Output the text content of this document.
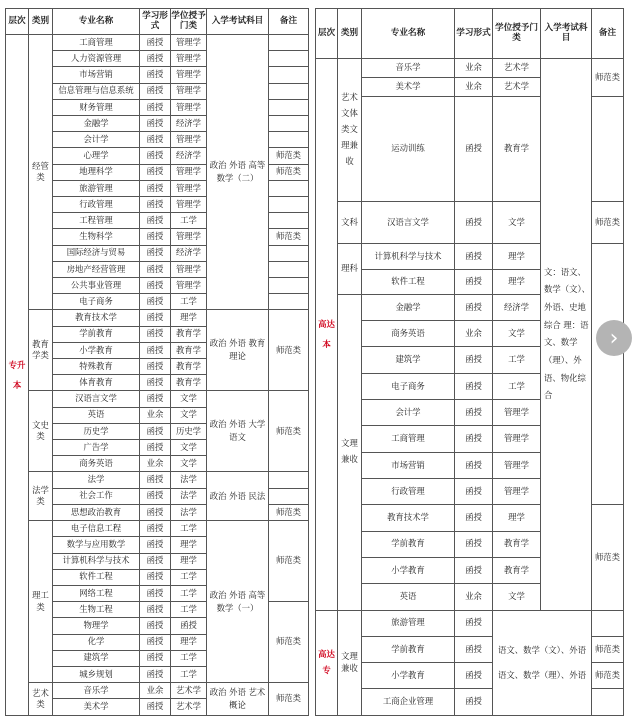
层次	类别	专业名称	学习形式	学位授予门类	入学考试科目	备注
专升本	经管类	工商管理	函授	管理学	政治 外语 高等数学（二）	
		人力资源管理	函授	管理学		
		市场营销	函授	管理学		
		信息管理与信息系统	函授	管理学		
		财务管理	函授	管理学		
		金融学	函授	经济学		
		会计学	函授	管理学		
		心理学	函授	经济学		师范类
		地理科学	函授	管理学		师范类
		旅游管理	函授	管理学		
		行政管理	函授	管理学		
		工程管理	函授	工学		
		生物科学	函授	管理学		师范类
		国际经济与贸易	函授	经济学		
		房地产经营管理	函授	管理学		
		公共事业管理	函授	管理学		
		电子商务	函授	工学		
	教育学类	教育技术学	函授	理学	政治 外语 教育理论	师范类
		学前教育	函授	教育学		
		小学教育	函授	教育学		
		特殊教育	函授	教育学		
		体育教育	函授	教育学		
	文史类	汉语言文学	函授	文学	政治 外语 大学语文	师范类
		英语	业余	文学		
		历史学	函授	历史学		
		广告学	函授	文学		
		商务英语	业余	文学		
	法学类	法学	函授	法学	政治 外语 民法	
		社会工作	函授	法学		
		思想政治教育	函授	法学		师范类
	理工类	电子信息工程	函授	工学	政治 外语 高等数学（一）	师范类
		数学与应用数学	函授	理学		
		计算机科学与技术	函授	理学		
		软件工程	函授	工学		
		网络工程	函授	工学		
		生物工程	函授	工学		师范类
		物理学	函授	函授		
		化学	函授	理学		
		建筑学	函授	工学		
		城乡规划	函授	工学		
	艺术类	音乐学	业余	艺术学	政治 外语 艺术概论	师范类
		美术学	函授	艺术学		
层次	类别	专业名称	学习形式	学位授予门类	入学考试科目	备注
高达本	艺术文体类文理兼收	音乐学	业余	艺术学	文：语文、数学（文）、外语、史地综合 理：语文、数学（理）、外语、物化综合	师范类
		美术学	业余	艺术学		
		运动训练	函授	教育学		
	文科	汉语言文学	函授	文学		师范类
	理科	计算机科学与技术	函授	理学		
		软件工程	函授	理学		
	文理兼收	金融学	函授	经济学		
		商务英语	业余	文学		
		建筑学	函授	工学		
		电子商务	函授	工学		
		会计学	函授	管理学		
		工商管理	函授	管理学		
		市场营销	函授	管理学		
		行政管理	函授	管理学		
		教育技术学	函授	理学		师范类
		学前教育	函授	教育学		
		小学教育	函授	教育学		
		英语	业余	文学		
高达专	文理兼收	旅游管理	函授	语文、数学（文）、外语
语文、数学（理）、外语		

		学前教育	函授			师范类
		小学教育	函授			师范类
		工商企业管理	函授			
›
